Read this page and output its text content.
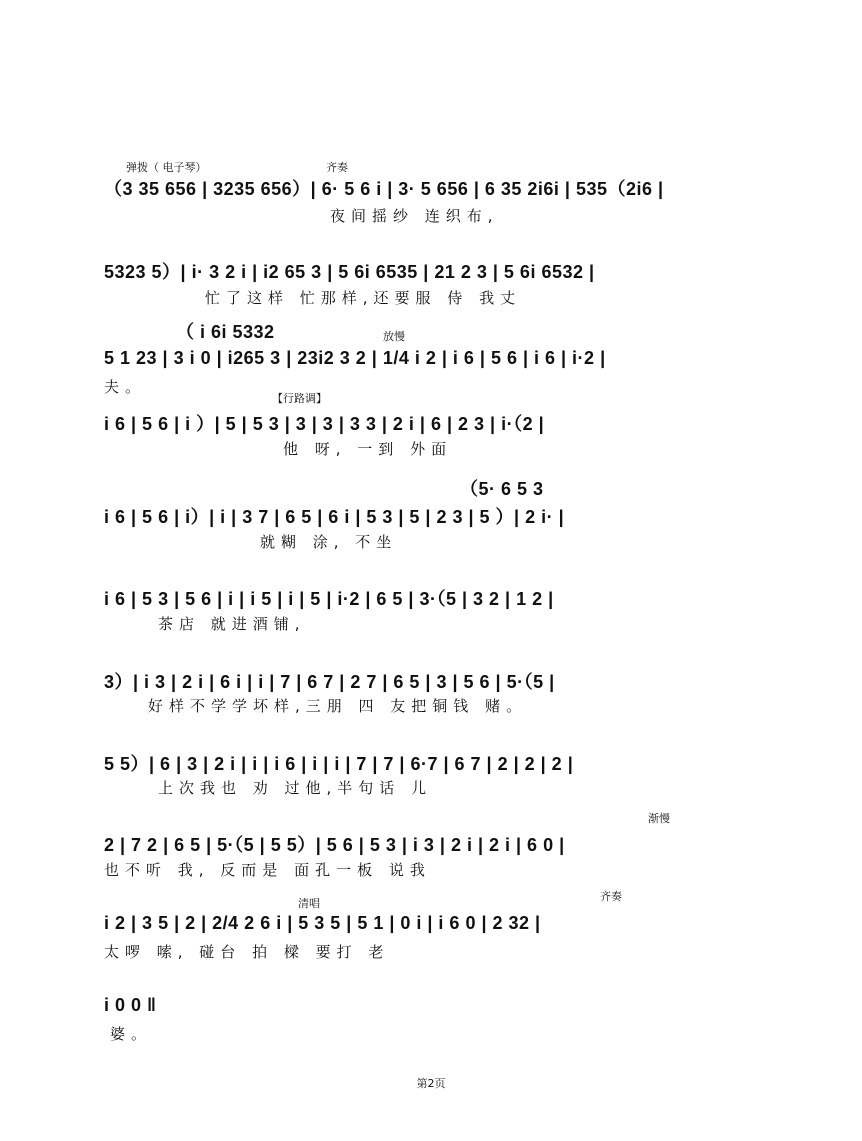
弹拨（ 电子琴）	齐奏
（3 35 656 | 3235 656）| 6· 5 6 i | 3· 5 656 | 6 35 2i6i | 535（2i6 |
夜间摇纱 连织布,
5323 5）| i· 3 2 i | i2 65 3 | 5 6i 6535 | 21 2 3 | 5 6i 6532 |
忙了这样 忙那样,还要服 侍 我丈
（ i 6i 5332	放慢
5 1 23 | 3 i 0 | i265 3 | 23i2 3 2 | 1/4 i 2 | i 6 | 5 6 | i 6 | i·2 |
夫。
【行路调】
i 6 | 5 6 | i ）| 5 | 5 3 | 3 | 3 | 3 3 | 2 i | 6 | 2 3 | i·（2 |
他 呀, 一到 外面
（5· 6 5 3
i 6 | 5 6 | i）| i | 3 7 | 6 5 | 6 i | 5 3 | 5 | 2 3 | 5 ）| 2 i· |
就糊 涂, 不坐
i 6 | 5 3 | 5 6 | i | i 5 | i | 5 | i·2 | 6 5 | 3·（5 | 3 2 | 1 2 |
茶店 就进酒铺,
3）| i 3 | 2 i | 6 i | i | 7 | 6 7 | 2 7 | 6 5 | 3 | 5 6 | 5·（5 |
好样不学学坏样,三朋 四 友把铜钱 赌。
5 5）| 6 | 3 | 2 i | i | i 6 | i | i | 7 | 7 | 6·7 | 6 7 | 2 | 2 | 2 |
上次我也 劝 过他,半句话 儿
渐慢
2 | 7 2 | 6 5 | 5·（5 | 5 5）| 5 6 | 5 3 | i 3 | 2 i | 2 i | 6 0 |
也不听 我, 反而是 面孔一板 说我
清唱
齐奏
i 2 | 3 5 | 2 | 2/4 2 6 i | 5 3 5 | 5 1 | 0 i | i 6 0 | 2 32 |
太啰 嗦, 碰台 拍 樑 要打 老
i 0 0 ‖
婆。
第2页
